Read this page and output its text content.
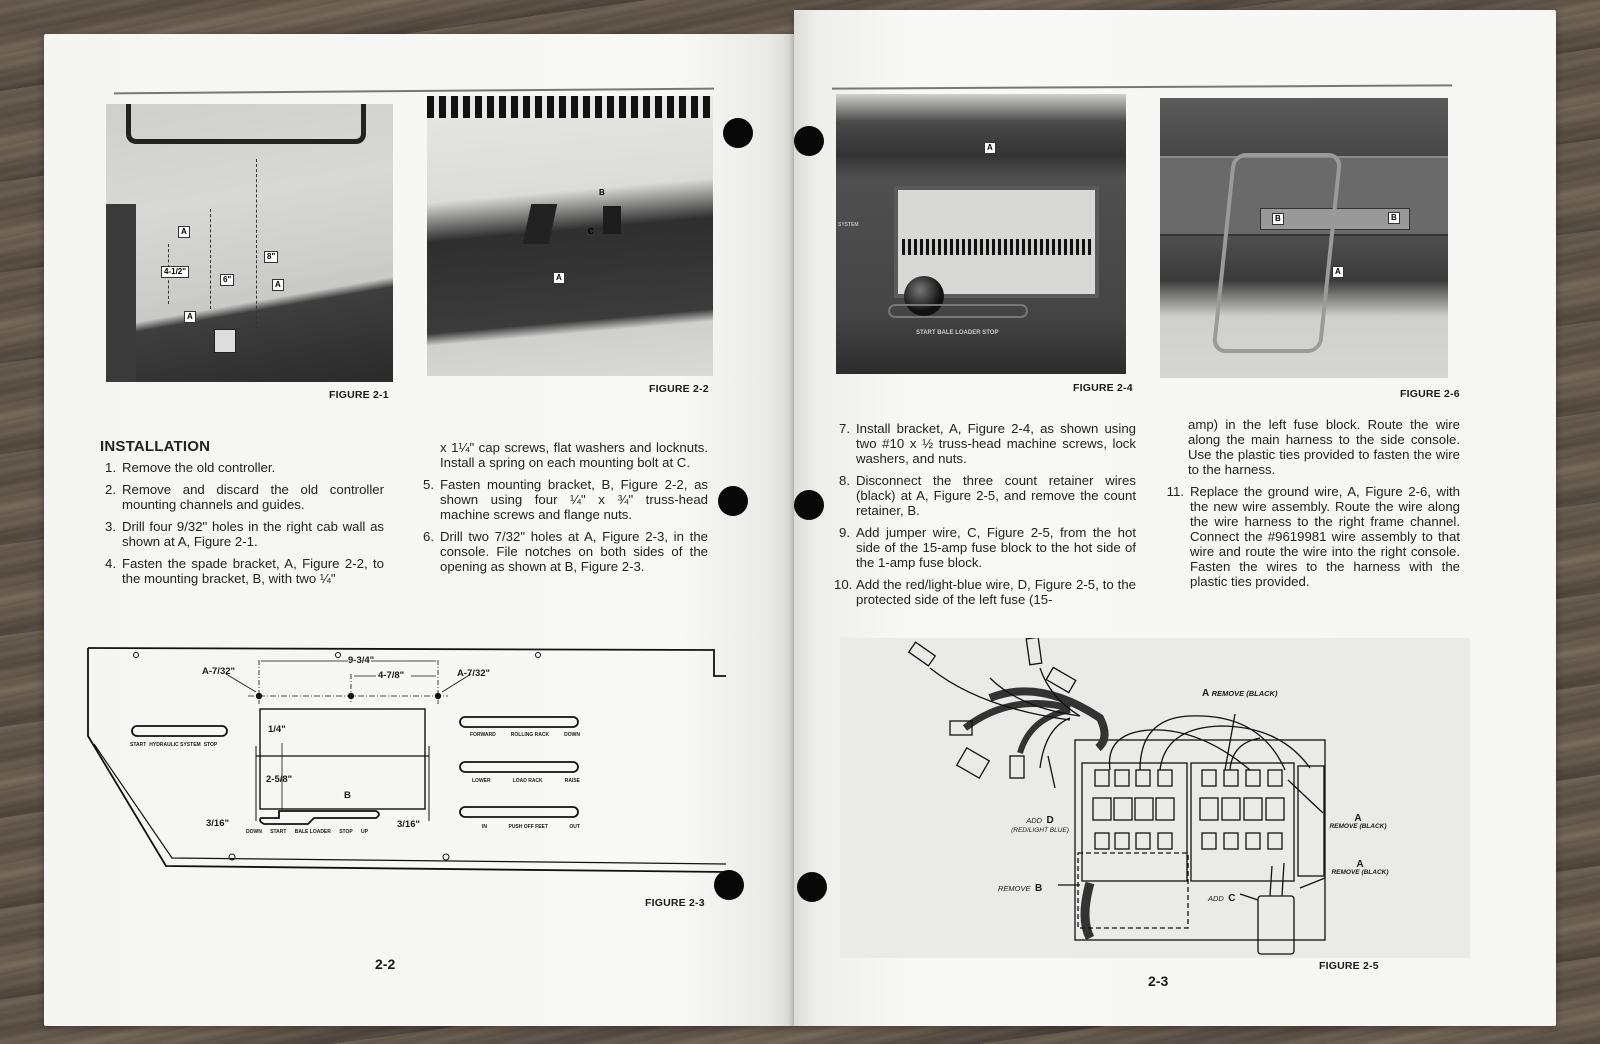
A
4-1/2"
6"
8"
A
A
FIGURE 2-1
B
C
A
FIGURE 2-2
INSTALLATION
1. Remove the old controller.
2. Remove and discard the old controller mounting channels and guides.
3. Drill four 9/32" holes in the right cab wall as shown at A, Figure 2-1.
4. Fasten the spade bracket, A, Figure 2-2, to the mounting bracket, B, with two ¼"
x 1¼" cap screws, flat washers and locknuts. Install a spring on each mounting bolt at C.
5. Fasten mounting bracket, B, Figure 2-2, as shown using four ¼" x ¾" truss-head machine screws and flange nuts.
6. Drill two 7/32" holes at A, Figure 2-3, in the console. File notches on both sides of the opening as shown at B, Figure 2-3.
9-3/4"
4-7/8"
A-7/32"	A-7/32"
1/4"
2-5/8"
B
3/16"	3/16"
START HYDRAULIC SYSTEM STOP
FORWARD	ROLLING RACK	DOWN
LOWER	LOAD RACK	RAISE
IN	PUSH OFF FEET	OUT
DOWN START BALE LOADER STOP UP
FIGURE 2-3
2-2
A
SYSTEM
START BALE LOADER STOP
FIGURE 2-4
B	B
A
FIGURE 2-6
7. Install bracket, A, Figure 2-4, as shown using two #10 x ½ truss-head machine screws, lock washers, and nuts.
8. Disconnect the three count retainer wires (black) at A, Figure 2-5, and remove the count retainer, B.
9. Add jumper wire, C, Figure 2-5, from the hot side of the 15-amp fuse block to the hot side of the 1-amp fuse block.
10. Add the red/light-blue wire, D, Figure 2-5, to the protected side of the left fuse (15-
amp) in the left fuse block. Route the wire along the main harness to the side console. Use the plastic ties provided to fasten the wire to the harness.
11. Replace the ground wire, A, Figure 2-6, with the new wire assembly. Route the wire along the wire harness to the right frame channel. Connect the #9619981 wire assembly to that wire and route the wire into the right console. Fasten the wires to the harness with the plastic ties provided.
A REMOVE (BLACK)
A
REMOVE (BLACK)
A
REMOVE (BLACK)
ADD D
(RED/LIGHT BLUE)
REMOVE B
ADD C
FIGURE 2-5
2-3
